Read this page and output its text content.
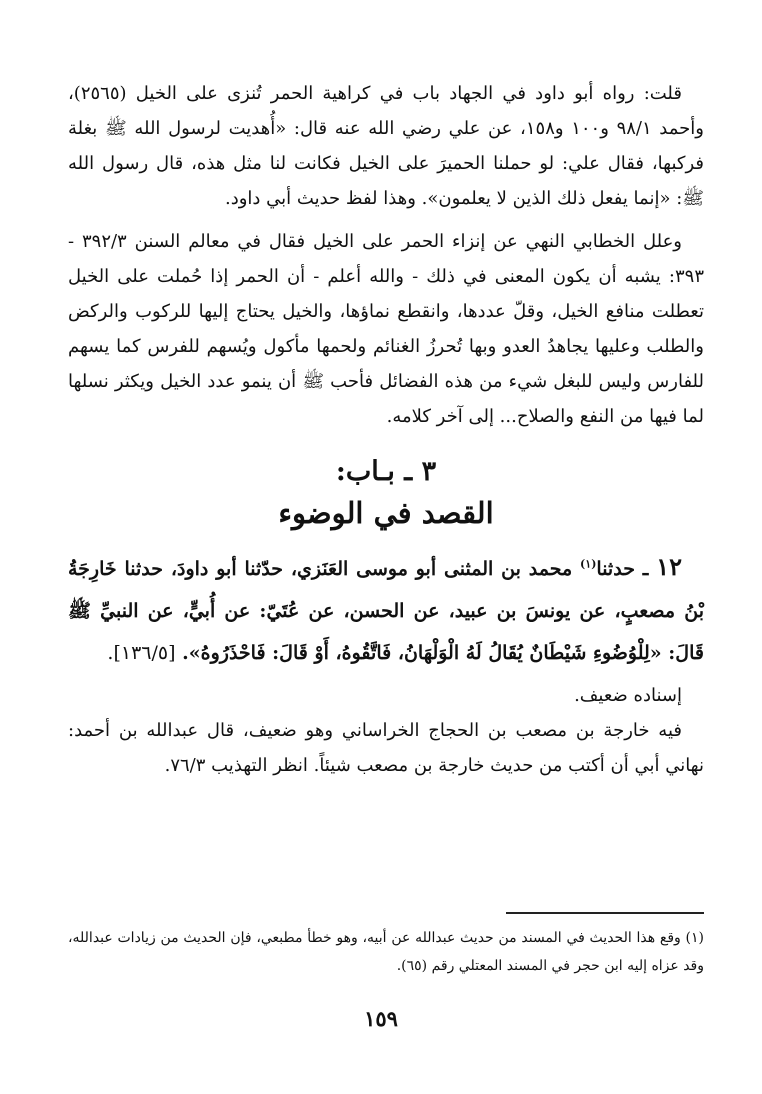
قلت: رواه أبو داود في الجهاد باب في كراهية الحمر تُنزى على الخيل (٢٥٦٥)، وأحمد ٩٨/١ و١٠٠ و١٥٨، عن علي رضي الله عنه قال: «أُهديت لرسول الله ﷺ بغلة فركبها، فقال علي: لو حملنا الحميرَ على الخيل فكانت لنا مثل هذه، قال رسول الله ﷺ: «إنما يفعل ذلك الذين لا يعلمون». وهذا لفظ حديث أبي داود.

وعلل الخطابي النهي عن إنزاء الحمر على الخيل فقال في معالم السنن ٣٩٢/٣ - ٣٩٣: يشبه أن يكون المعنى في ذلك - والله أعلم - أن الحمر إذا حُملت على الخيل تعطلت منافع الخيل، وقلّ عددها، وانقطع نماؤها، والخيل يحتاج إليها للركوب والركض والطلب وعليها يجاهدُ العدو وبها تُحرزُ الغنائم ولحمها مأكول ويُسهم للفرس كما يسهم للفارس وليس للبغل شيء من هذه الفضائل فأحب ﷺ أن ينمو عدد الخيل ويكثر نسلها لما فيها من النفع والصلاح... إلى آخر كلامه.

٣ ـ بـاب:
القصد في الوضوء

١٢ ـ حدثنا$^{(١)}$ محمد بن المثنى أبو موسى العَنَزي، حدّثنا أبو داودَ، حدثنا خَارِجَةُ بْنُ مصعبٍ، عن يونسَ بن عبيد، عن الحسن، عن عُتَيّ: عن أُبيٍّ، عن النبيِّ ﷺ قَالَ: «لِلْوُضُوءِ شَيْطَانٌ يُقَالُ لَهُ الْوَلْهَانُ، فَاتَّقُوهُ، أَوْ قَالَ: فَاحْذَرُوهُ». [١٣٦/٥].

إسناده ضعيف.

فيه خارجة بن مصعب بن الحجاج الخراساني وهو ضعيف، قال عبدالله بن أحمد: نهاني أبي أن أكتب من حديث خارجة بن مصعب شيئاً. انظر التهذيب ٧٦/٣.

(١) وقع هذا الحديث في المسند من حديث عبدالله عن أبيه، وهو خطأ مطبعي، فإن الحديث من زيادات عبدالله، وقد عزاه إليه ابن حجر في المسند المعتلي رقم (٦٥).

١٥٩
